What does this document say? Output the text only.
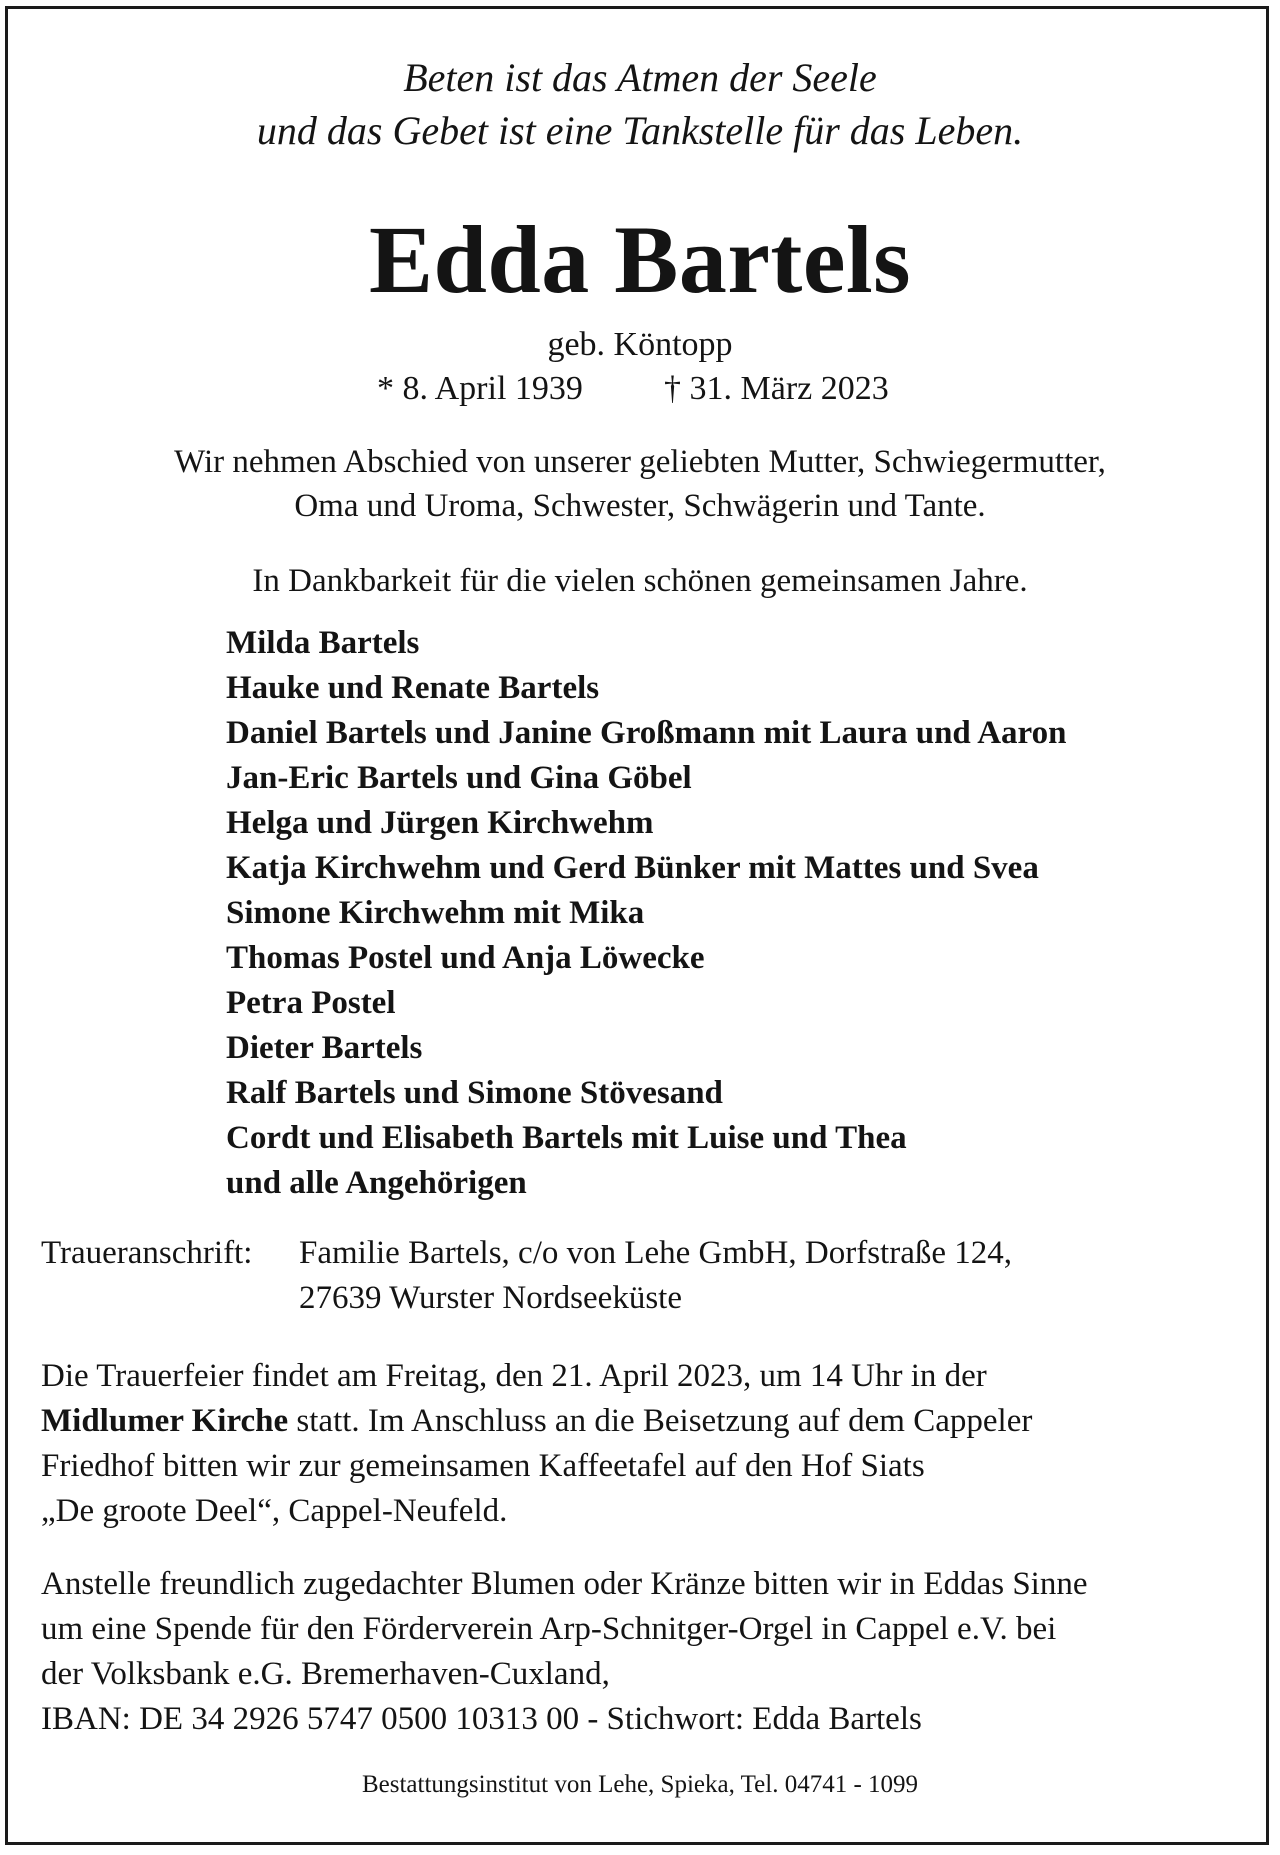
Beten ist das Atmen der Seele
und das Gebet ist eine Tankstelle für das Leben.
Edda Bartels
geb. Köntopp
* 8. April 1939 † 31. März 2023
Wir nehmen Abschied von unserer geliebten Mutter, Schwiegermutter,
Oma und Uroma, Schwester, Schwägerin und Tante.
In Dankbarkeit für die vielen schönen gemeinsamen Jahre.
Milda Bartels
Hauke und Renate Bartels
Daniel Bartels und Janine Großmann mit Laura und Aaron
Jan-Eric Bartels und Gina Göbel
Helga und Jürgen Kirchwehm
Katja Kirchwehm und Gerd Bünker mit Mattes und Svea
Simone Kirchwehm mit Mika
Thomas Postel und Anja Löwecke
Petra Postel
Dieter Bartels
Ralf Bartels und Simone Stövesand
Cordt und Elisabeth Bartels mit Luise und Thea
und alle Angehörigen
Traueranschrift: Familie Bartels, c/o von Lehe GmbH, Dorfstraße 124,
27639 Wurster Nordseeküste
Die Trauerfeier findet am Freitag, den 21. April 2023, um 14 Uhr in der
Midlumer Kirche statt. Im Anschluss an die Beisetzung auf dem Cappeler
Friedhof bitten wir zur gemeinsamen Kaffeetafel auf den Hof Siats
„De groote Deel“, Cappel-Neufeld.
Anstelle freundlich zugedachter Blumen oder Kränze bitten wir in Eddas Sinne
um eine Spende für den Förderverein Arp-Schnitger-Orgel in Cappel e.V. bei
der Volksbank e.G. Bremerhaven-Cuxland,
IBAN: DE 34 2926 5747 0500 10313 00 - Stichwort: Edda Bartels
Bestattungsinstitut von Lehe, Spieka, Tel. 04741 - 1099
